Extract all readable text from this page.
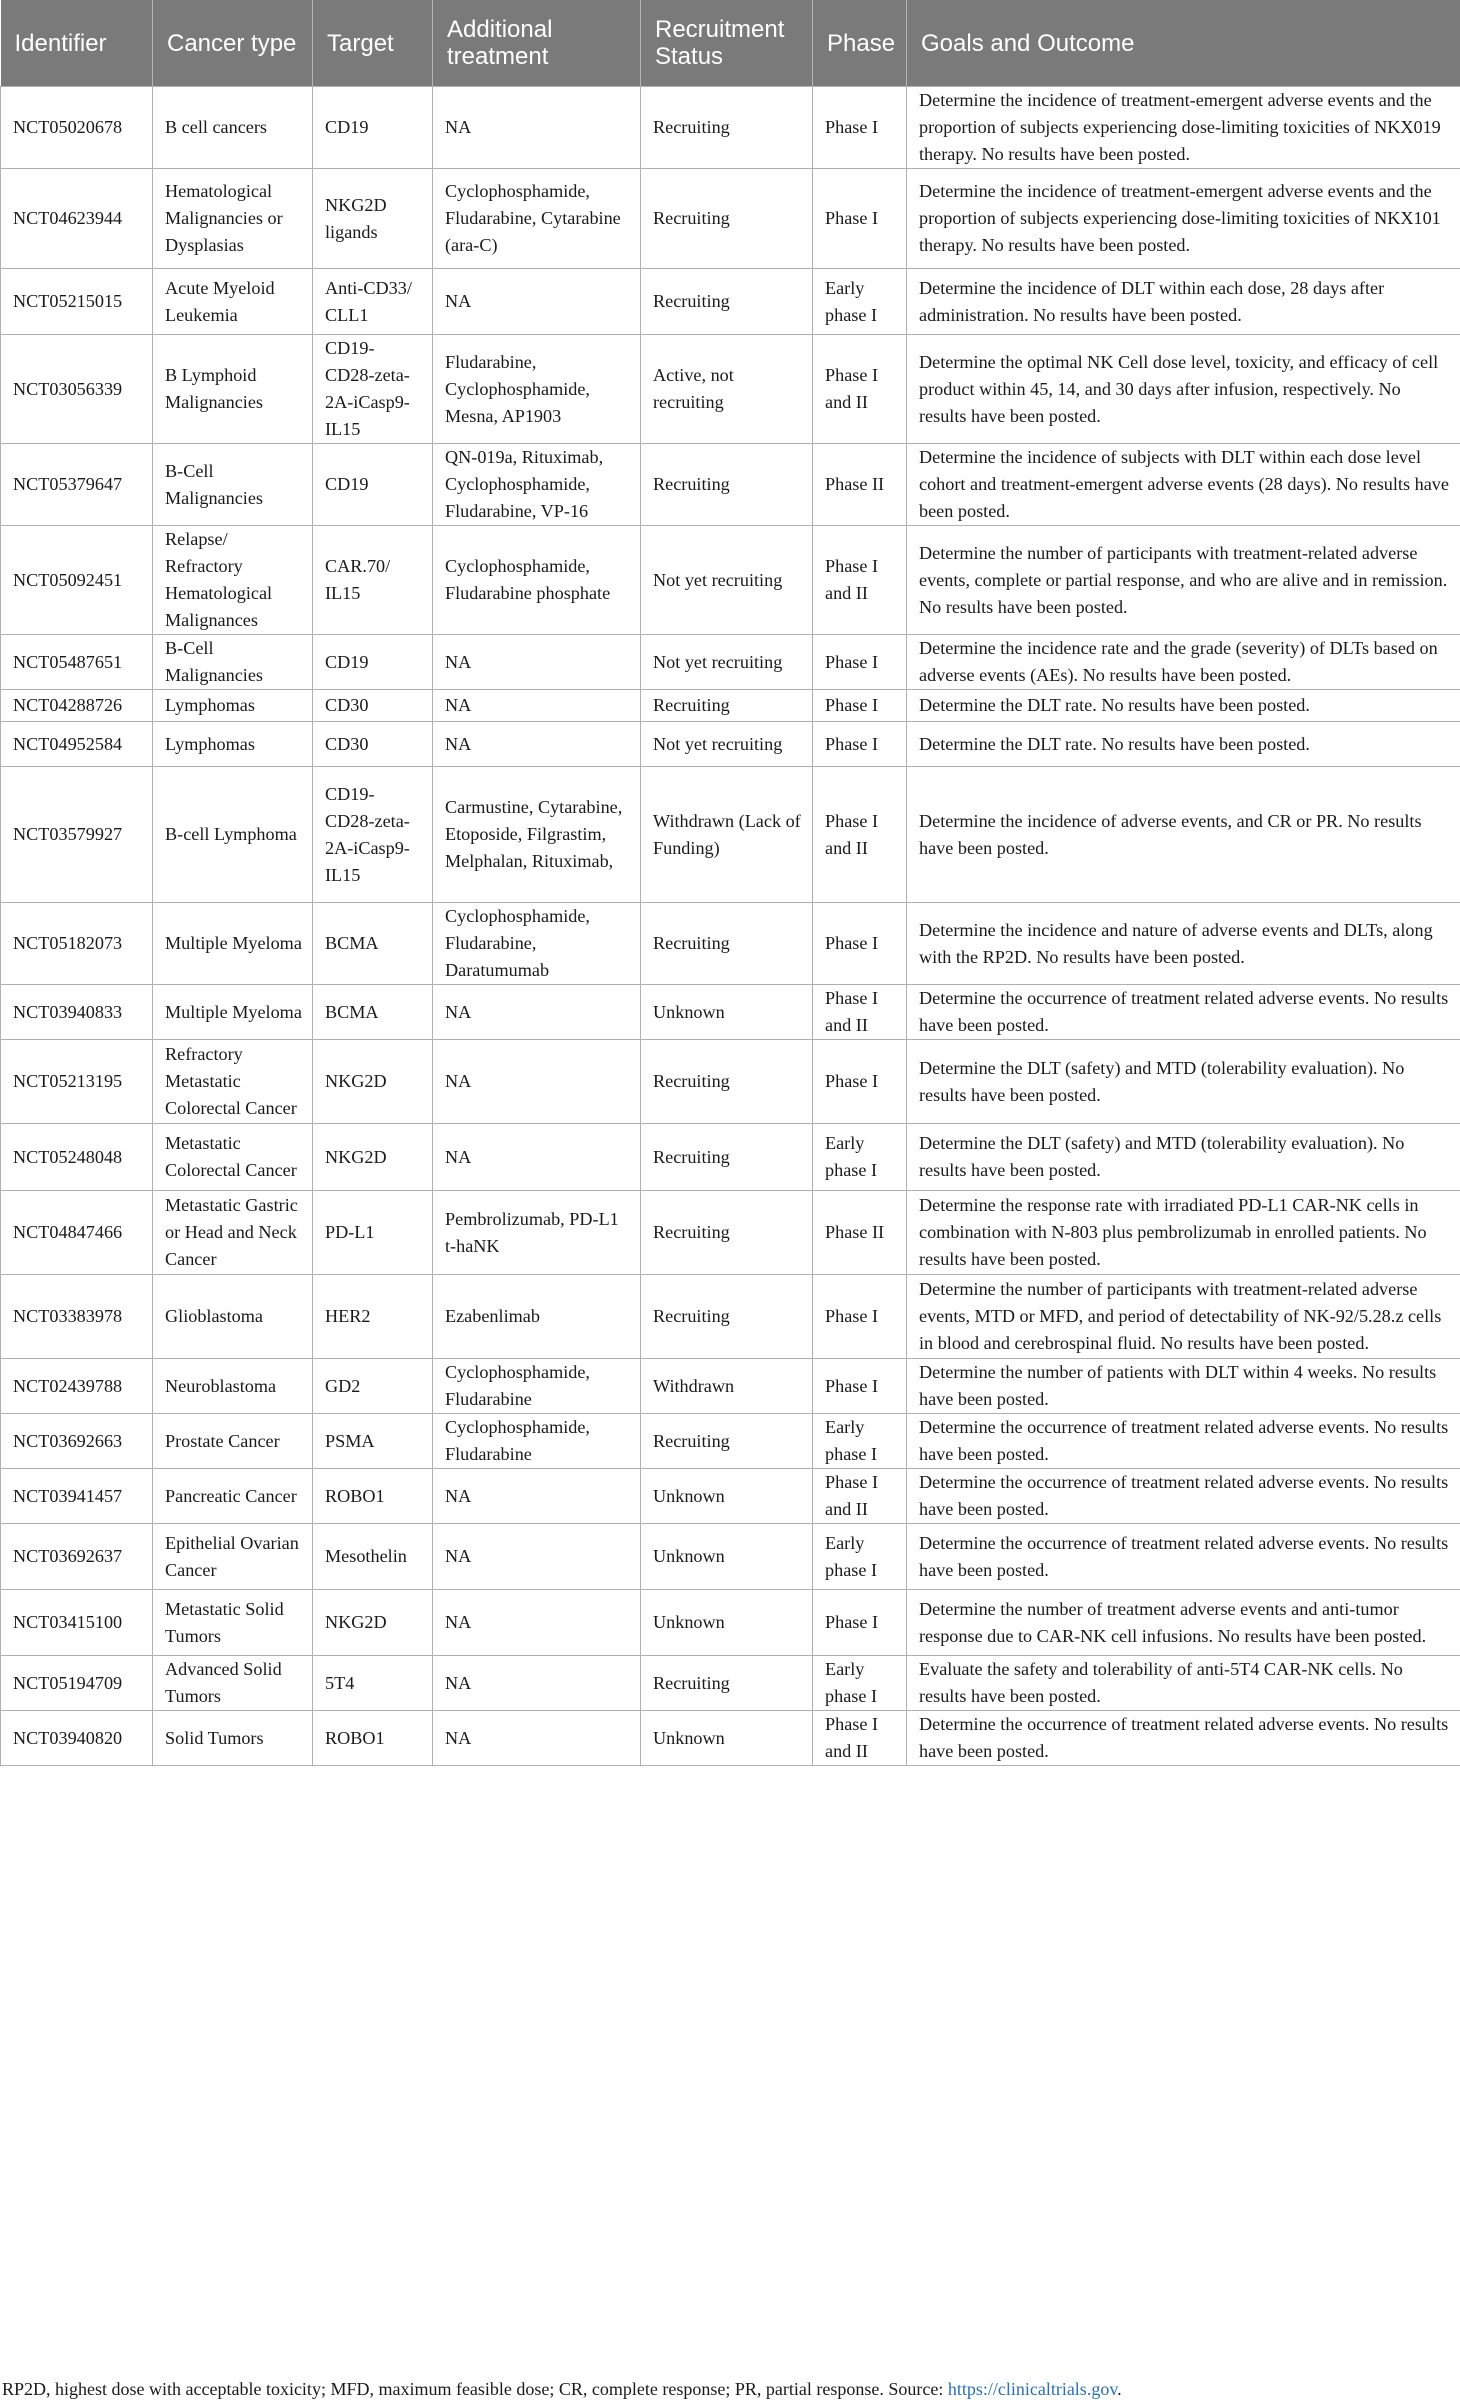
Identifier	Cancer type	Target	Additional treatment	Recruitment Status	Phase	Goals and Outcome
NCT05020678	B cell cancers	CD19	NA	Recruiting	Phase I	Determine the incidence of treatment-emergent adverse events and the proportion of subjects experiencing dose-limiting toxicities of NKX019 therapy. No results have been posted.
NCT04623944	Hematological Malignancies or Dysplasias	NKG2D ligands	Cyclophosphamide, Fludarabine, Cytarabine (ara-C)	Recruiting	Phase I	Determine the incidence of treatment-emergent adverse events and the proportion of subjects experiencing dose-limiting toxicities of NKX101 therapy. No results have been posted.
NCT05215015	Acute Myeloid Leukemia	Anti-CD33/ CLL1	NA	Recruiting	Early phase I	Determine the incidence of DLT within each dose, 28 days after administration. No results have been posted.
NCT03056339	B Lymphoid Malignancies	CD19-CD28-zeta-2A-iCasp9-IL15	Fludarabine, Cyclophosphamide, Mesna, AP1903	Active, not recruiting	Phase I and II	Determine the optimal NK Cell dose level, toxicity, and efficacy of cell product within 45, 14, and 30 days after infusion, respectively. No results have been posted.
NCT05379647	B-Cell Malignancies	CD19	QN-019a, Rituximab, Cyclophosphamide, Fludarabine, VP-16	Recruiting	Phase II	Determine the incidence of subjects with DLT within each dose level cohort and treatment-emergent adverse events (28 days). No results have been posted.
NCT05092451	Relapse/ Refractory Hematological Malignances	CAR.70/ IL15	Cyclophosphamide, Fludarabine phosphate	Not yet recruiting	Phase I and II	Determine the number of participants with treatment-related adverse events, complete or partial response, and who are alive and in remission. No results have been posted.
NCT05487651	B-Cell Malignancies	CD19	NA	Not yet recruiting	Phase I	Determine the incidence rate and the grade (severity) of DLTs based on adverse events (AEs). No results have been posted.
NCT04288726	Lymphomas	CD30	NA	Recruiting	Phase I	Determine the DLT rate. No results have been posted.
NCT04952584	Lymphomas	CD30	NA	Not yet recruiting	Phase I	Determine the DLT rate. No results have been posted.
NCT03579927	B-cell Lymphoma	CD19-CD28-zeta-2A-iCasp9-IL15	Carmustine, Cytarabine, Etoposide, Filgrastim, Melphalan, Rituximab,	Withdrawn (Lack of Funding)	Phase I and II	Determine the incidence of adverse events, and CR or PR. No results have been posted.
NCT05182073	Multiple Myeloma	BCMA	Cyclophosphamide, Fludarabine, Daratumumab	Recruiting	Phase I	Determine the incidence and nature of adverse events and DLTs, along with the RP2D. No results have been posted.
NCT03940833	Multiple Myeloma	BCMA	NA	Unknown	Phase I and II	Determine the occurrence of treatment related adverse events. No results have been posted.
NCT05213195	Refractory Metastatic Colorectal Cancer	NKG2D	NA	Recruiting	Phase I	Determine the DLT (safety) and MTD (tolerability evaluation). No results have been posted.
NCT05248048	Metastatic Colorectal Cancer	NKG2D	NA	Recruiting	Early phase I	Determine the DLT (safety) and MTD (tolerability evaluation). No results have been posted.
NCT04847466	Metastatic Gastric or Head and Neck Cancer	PD-L1	Pembrolizumab, PD-L1 t-haNK	Recruiting	Phase II	Determine the response rate with irradiated PD-L1 CAR-NK cells in combination with N-803 plus pembrolizumab in enrolled patients. No results have been posted.
NCT03383978	Glioblastoma	HER2	Ezabenlimab	Recruiting	Phase I	Determine the number of participants with treatment-related adverse events, MTD or MFD, and period of detectability of NK-92/5.28.z cells in blood and cerebrospinal fluid. No results have been posted.
NCT02439788	Neuroblastoma	GD2	Cyclophosphamide, Fludarabine	Withdrawn	Phase I	Determine the number of patients with DLT within 4 weeks. No results have been posted.
NCT03692663	Prostate Cancer	PSMA	Cyclophosphamide, Fludarabine	Recruiting	Early phase I	Determine the occurrence of treatment related adverse events. No results have been posted.
NCT03941457	Pancreatic Cancer	ROBO1	NA	Unknown	Phase I and II	Determine the occurrence of treatment related adverse events. No results have been posted.
NCT03692637	Epithelial Ovarian Cancer	Mesothelin	NA	Unknown	Early phase I	Determine the occurrence of treatment related adverse events. No results have been posted.
NCT03415100	Metastatic Solid Tumors	NKG2D	NA	Unknown	Phase I	Determine the number of treatment adverse events and anti-tumor response due to CAR-NK cell infusions. No results have been posted.
NCT05194709	Advanced Solid Tumors	5T4	NA	Recruiting	Early phase I	Evaluate the safety and tolerability of anti-5T4 CAR-NK cells. No results have been posted.
NCT03940820	Solid Tumors	ROBO1	NA	Unknown	Phase I and II	Determine the occurrence of treatment related adverse events. No results have been posted.
RP2D, highest dose with acceptable toxicity; MFD, maximum feasible dose; CR, complete response; PR, partial response. Source: https://clinicaltrials.gov.
